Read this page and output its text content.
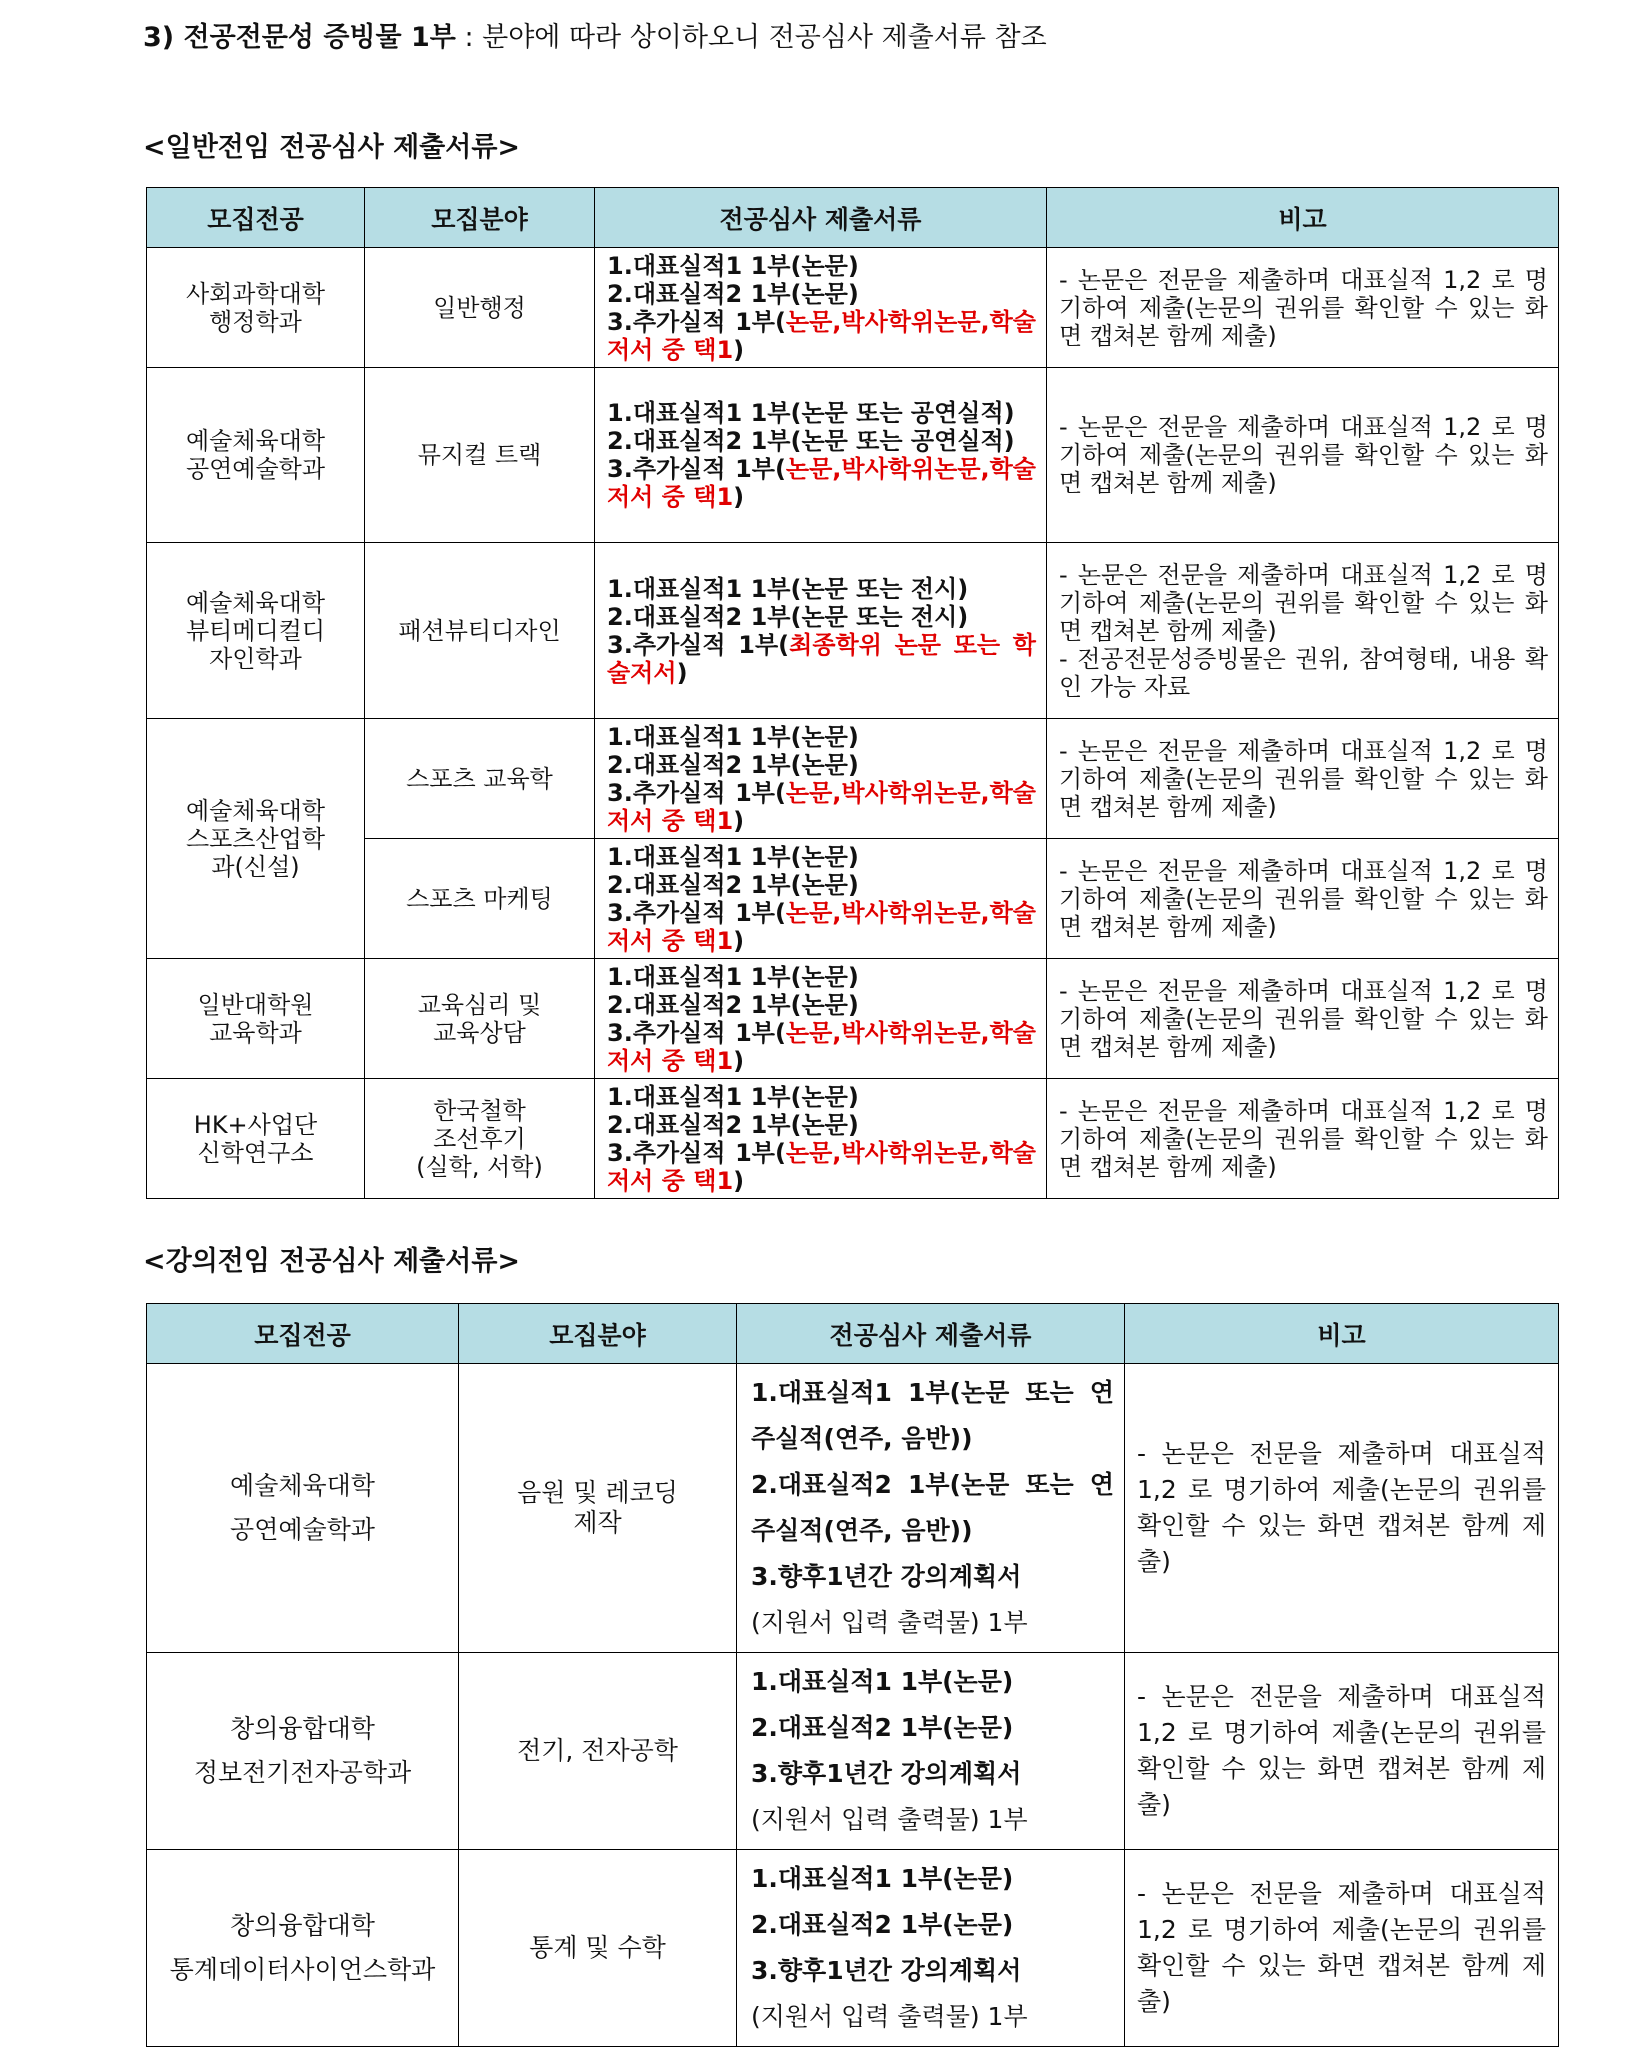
3) 전공전문성 증빙물 1부 : 분야에 따라 상이하오니 전공심사 제출서류 참조
<일반전임 전공심사 제출서류>
모집전공	모집분야	전공심사 제출서류	비고

사회과학대학
행정학과	일반행정	1.대표실적1 1부(논문)
2.대표실적2 1부(논문)
3.추가실적 1부(논문,박사학위논문,학술저서 중 택1)	- 논문은 전문을 제출하며 대표실적 1,2 로 명기하여 제출(논문의 권위를 확인할 수 있는 화면 캡쳐본 함께 제출)

예술체육대학
공연예술학과	뮤지컬 트랙	1.대표실적1 1부(논문 또는 공연실적)
2.대표실적2 1부(논문 또는 공연실적)
3.추가실적 1부(논문,박사학위논문,학술저서 중 택1)	- 논문은 전문을 제출하며 대표실적 1,2 로 명기하여 제출(논문의 권위를 확인할 수 있는 화면 캡쳐본 함께 제출)

예술체육대학
뷰티메디컬디
자인학과	패션뷰티디자인	1.대표실적1 1부(논문 또는 전시)
2.대표실적2 1부(논문 또는 전시)
3.추가실적 1부(최종학위 논문 또는 학술저서)	- 논문은 전문을 제출하며 대표실적 1,2 로 명기하여 제출(논문의 권위를 확인할 수 있는 화면 캡쳐본 함께 제출)
- 전공전문성증빙물은 권위, 참여형태, 내용 확인 가능 자료

예술체육대학
스포츠산업학
과(신설)	스포츠 교육학	1.대표실적1 1부(논문)
2.대표실적2 1부(논문)
3.추가실적 1부(논문,박사학위논문,학술저서 중 택1)	- 논문은 전문을 제출하며 대표실적 1,2 로 명기하여 제출(논문의 권위를 확인할 수 있는 화면 캡쳐본 함께 제출)

	스포츠 마케팅	1.대표실적1 1부(논문)
2.대표실적2 1부(논문)
3.추가실적 1부(논문,박사학위논문,학술저서 중 택1)	- 논문은 전문을 제출하며 대표실적 1,2 로 명기하여 제출(논문의 권위를 확인할 수 있는 화면 캡쳐본 함께 제출)

일반대학원
교육학과	교육심리 및
교육상담	1.대표실적1 1부(논문)
2.대표실적2 1부(논문)
3.추가실적 1부(논문,박사학위논문,학술저서 중 택1)	- 논문은 전문을 제출하며 대표실적 1,2 로 명기하여 제출(논문의 권위를 확인할 수 있는 화면 캡쳐본 함께 제출)

HK+사업단
신학연구소	한국철학
조선후기
(실학, 서학)	1.대표실적1 1부(논문)
2.대표실적2 1부(논문)
3.추가실적 1부(논문,박사학위논문,학술저서 중 택1)	- 논문은 전문을 제출하며 대표실적 1,2 로 명기하여 제출(논문의 권위를 확인할 수 있는 화면 캡쳐본 함께 제출)
<강의전임 전공심사 제출서류>
모집전공	모집분야	전공심사 제출서류	비고

예술체육대학
공연예술학과	음원 및 레코딩
제작	1.대표실적1 1부(논문 또는 연주실적(연주, 음반))
2.대표실적2 1부(논문 또는 연주실적(연주, 음반))
3.향후1년간 강의계획서
(지원서 입력 출력물) 1부	- 논문은 전문을 제출하며 대표실적1,2 로 명기하여 제출(논문의 권위를 확인할 수 있는 화면 캡쳐본 함께 제출)

창의융합대학
정보전기전자공학과	전기, 전자공학	1.대표실적1 1부(논문)
2.대표실적2 1부(논문)
3.향후1년간 강의계획서
(지원서 입력 출력물) 1부	- 논문은 전문을 제출하며 대표실적1,2 로 명기하여 제출(논문의 권위를 확인할 수 있는 화면 캡쳐본 함께 제출)

창의융합대학
통계데이터사이언스학과	통계 및 수학	1.대표실적1 1부(논문)
2.대표실적2 1부(논문)
3.향후1년간 강의계획서
(지원서 입력 출력물) 1부	- 논문은 전문을 제출하며 대표실적1,2 로 명기하여 제출(논문의 권위를 확인할 수 있는 화면 캡쳐본 함께 제출)
